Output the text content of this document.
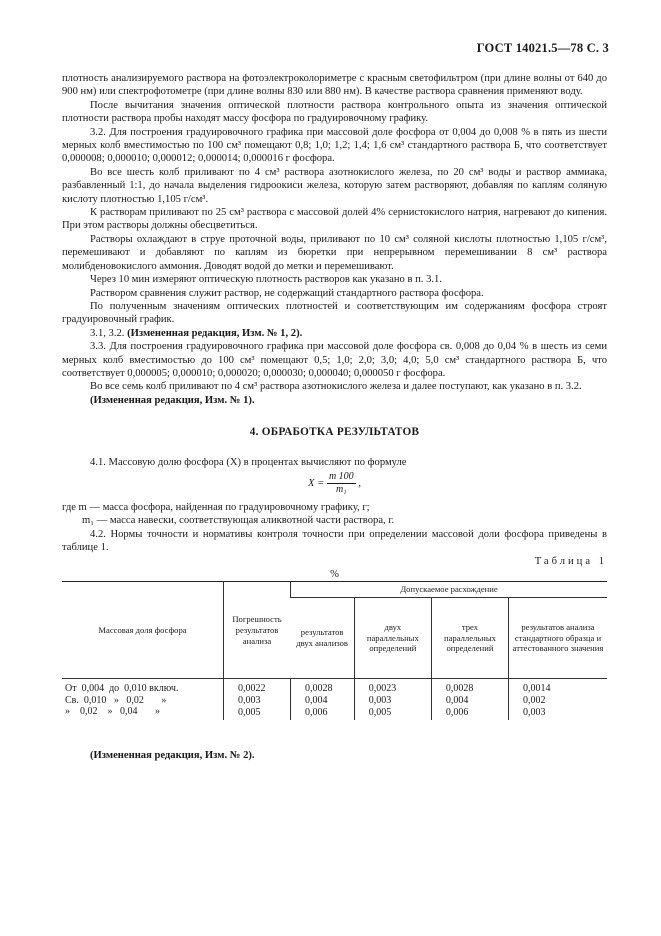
ГОСТ 14021.5—78 С. 3

плотность анализируемого раствора на фотоэлектроколориметре с красным светофильтром (при длине волны от 640 до 900 нм) или спектрофотометре (при длине волны 830 или 880 нм). В качестве раствора сравнения применяют воду.

После вычитания значения оптической плотности раствора контрольного опыта из значения оптической плотности раствора пробы находят массу фосфора по градуировочному графику.

3.2. Для построения градуировочного графика при массовой доле фосфора от 0,004 до 0,008 % в пять из шести мерных колб вместимостью по 100 см³ помещают 0,8; 1,0; 1,2; 1,4; 1,6 см³ стандартного раствора Б, что соответствует 0,000008; 0,000010; 0,000012; 0,000014; 0,000016 г фосфора.

Во все шесть колб приливают по 4 см³ раствора азотнокислого железа, по 20 см³ воды и раствор аммиака, разбавленный 1:1, до начала выделения гидроокиси железа, которую затем растворяют, добавляя по каплям соляную кислоту плотностью 1,105 г/см³.

К растворам приливают по 25 см³ раствора с массовой долей 4% сернистокислого натрия, нагревают до кипения. При этом растворы должны обесцветиться.

Растворы охлаждают в струе проточной воды, приливают по 10 см³ соляной кислоты плотностью 1,105 г/см³, перемешивают и добавляют по каплям из бюретки при непрерывном перемешивании 8 см³ раствора молибденовокислого аммония. Доводят водой до метки и перемешивают.

Через 10 мин измеряют оптическую плотность растворов как указано в п. 3.1.

Раствором сравнения служит раствор, не содержащий стандартного раствора фосфора.

По полученным значениям оптических плотностей и соответствующим им содержаниям фосфора строят градуировочный график.

3.1, 3.2. (Измененная редакция, Изм. № 1, 2).

3.3. Для построения градуировочного графика при массовой доле фосфора св. 0,008 до 0,04 % в шесть из семи мерных колб вместимостью до 100 см³ помещают 0,5; 1,0; 2,0; 3,0; 4,0; 5,0 см³ стандартного раствора Б, что соответствует 0,000005; 0,000010; 0,000020; 0,000030; 0,000040; 0,000050 г фосфора.

Во все семь колб приливают по 4 см³ раствора азотнокислого железа и далее поступают, как указано в п. 3.2.

(Измененная редакция, Изм. № 1).

4. ОБРАБОТКА РЕЗУЛЬТАТОВ

4.1. Массовую долю фосфора (X) в процентах вычисляют по формуле

$X = \frac{m 100}{\text{m₁}}$ ,

где m — масса фосфора, найденная по градуировочному графику, г;

m₁ — масса навески, соответствующая аликвотной части раствора, г.

4.2. Нормы точности и нормативы контроля точности при определении массовой доли фосфора приведены в таблице 1.

Таблица 1

%

Массовая доля фосфора	Погрешность результатов анализа	Допускаемое расхождение			
		результатов двух анализов	двух параллельных определений	трех параллельных определений	результатов анализа стандартного образца и аттестованного значения
От  0,004  до  0,010 включ.	0,0022	0,0028	0,0023	0,0028	0,0014
Св.  0,010   »   0,02       »	0,003	0,004	0,003	0,004	0,002
»    0,02    »   0,04       »	0,005	0,006	0,005	0,006	0,003

(Измененная редакция, Изм. № 2).
